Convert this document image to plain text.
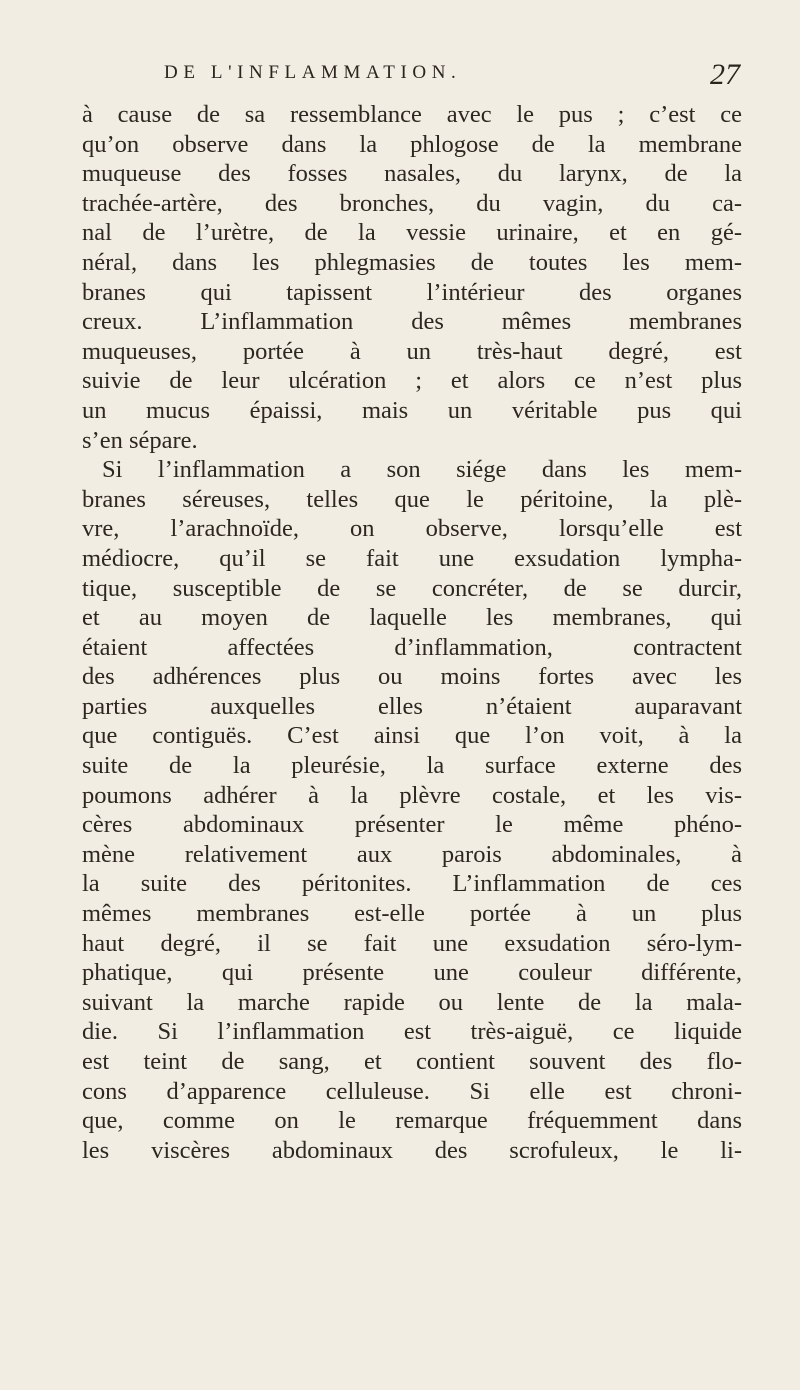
DE L'INFLAMMATION.	27
à cause de sa ressemblance avec le pus ; c’est ce
qu’on observe dans la phlogose de la membrane
muqueuse des fosses nasales, du larynx, de la
trachée-artère, des bronches, du vagin, du ca-
nal de l’urètre, de la vessie urinaire, et en gé-
néral, dans les phlegmasies de toutes les mem-
branes qui tapissent l’intérieur des organes
creux. L’inflammation des mêmes membranes
muqueuses, portée à un très-haut degré, est
suivie de leur ulcération ; et alors ce n’est plus
un mucus épaissi, mais un véritable pus qui
s’en sépare.
Si l’inflammation a son siége dans les mem-
branes séreuses, telles que le péritoine, la plè-
vre, l’arachnoïde, on observe, lorsqu’elle est
médiocre, qu’il se fait une exsudation lympha-
tique, susceptible de se concréter, de se durcir,
et au moyen de laquelle les membranes, qui
étaient affectées d’inflammation, contractent
des adhérences plus ou moins fortes avec les
parties auxquelles elles n’étaient auparavant
que contiguës. C’est ainsi que l’on voit, à la
suite de la pleurésie, la surface externe des
poumons adhérer à la plèvre costale, et les vis-
cères abdominaux présenter le même phéno-
mène relativement aux parois abdominales, à
la suite des péritonites. L’inflammation de ces
mêmes membranes est-elle portée à un plus
haut degré, il se fait une exsudation séro-lym-
phatique, qui présente une couleur différente,
suivant la marche rapide ou lente de la mala-
die. Si l’inflammation est très-aiguë, ce liquide
est teint de sang, et contient souvent des flo-
cons d’apparence celluleuse. Si elle est chroni-
que, comme on le remarque fréquemment dans
les viscères abdominaux des scrofuleux, le li-
